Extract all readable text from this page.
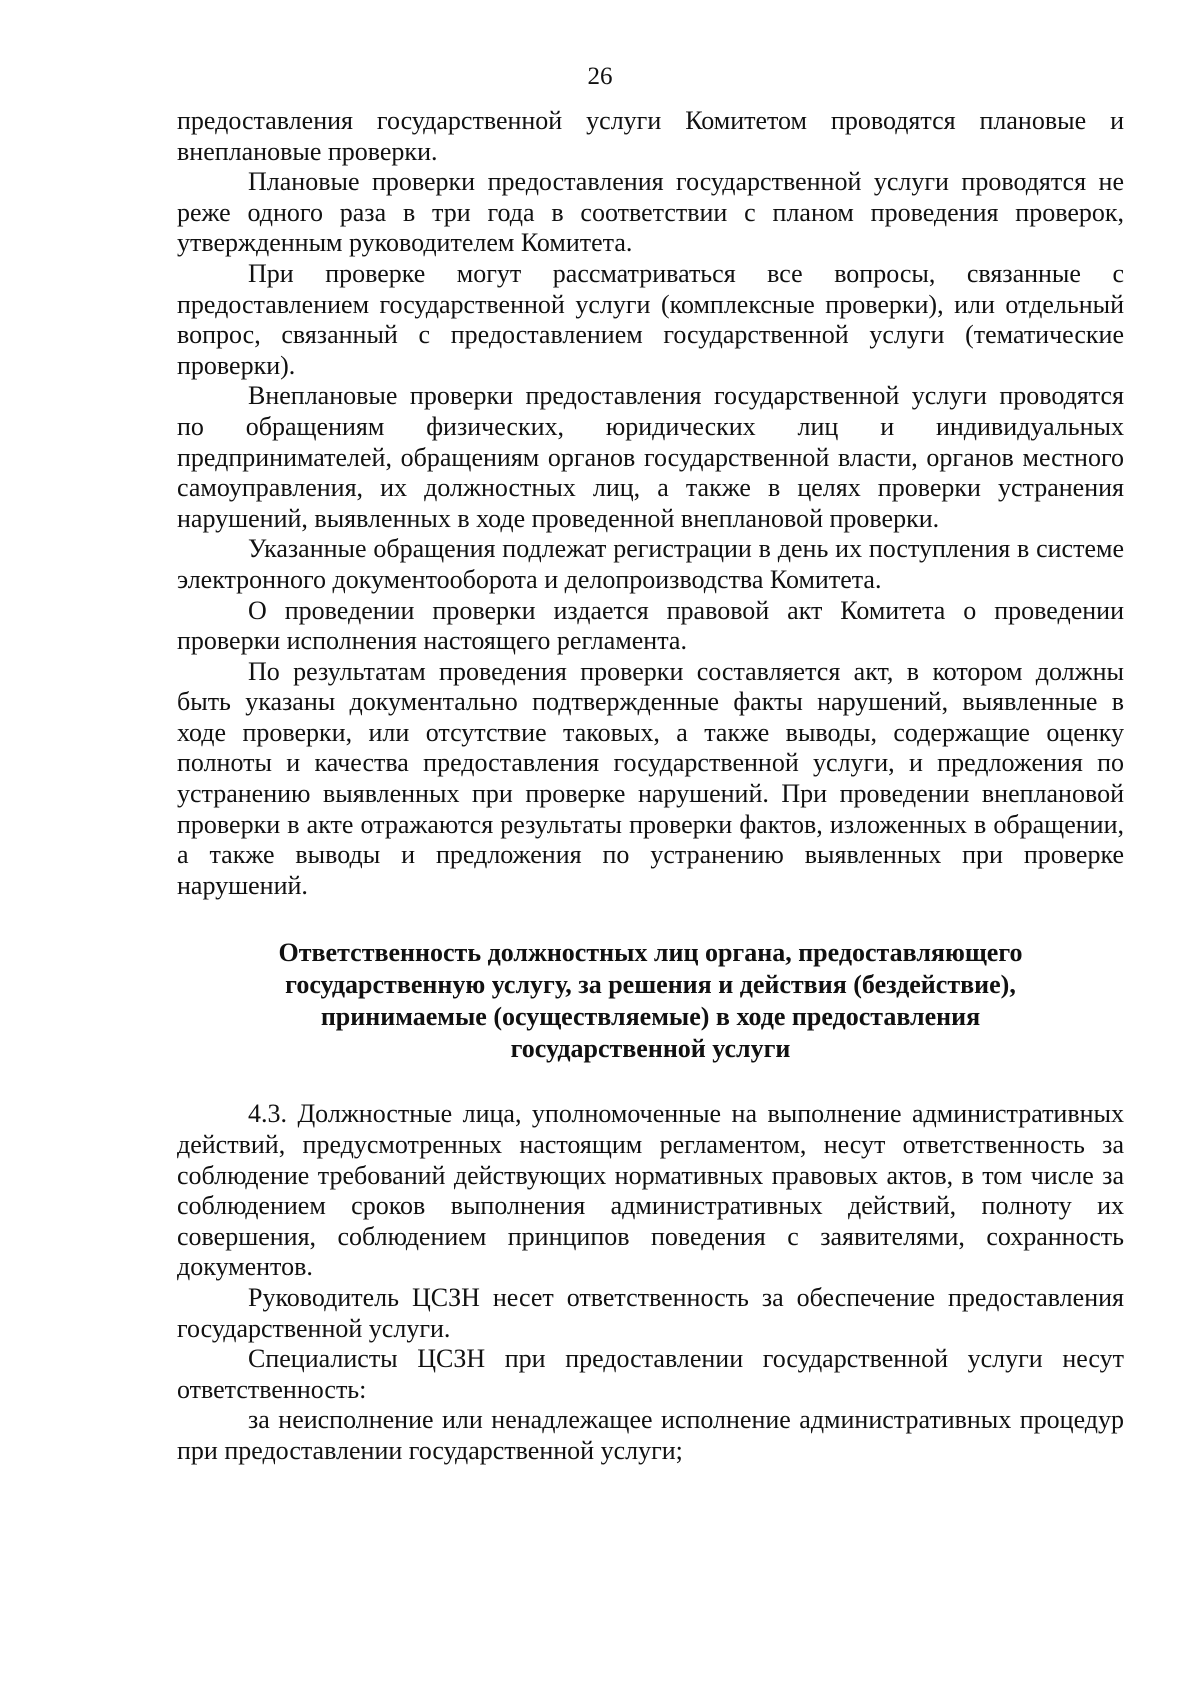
26

предоставления государственной услуги Комитетом проводятся плановые и внеплановые проверки.

Плановые проверки предоставления государственной услуги проводятся не реже одного раза в три года в соответствии с планом проведения проверок, утвержденным руководителем Комитета.

При проверке могут рассматриваться все вопросы, связанные с предоставлением государственной услуги (комплексные проверки), или отдельный вопрос, связанный с предоставлением государственной услуги (тематические проверки).

Внеплановые проверки предоставления государственной услуги проводятся по обращениям физических, юридических лиц и индивидуальных предпринимателей, обращениям органов государственной власти, органов местного самоуправления, их должностных лиц, а также в целях проверки устранения нарушений, выявленных в ходе проведенной внеплановой проверки.

Указанные обращения подлежат регистрации в день их поступления в системе электронного документооборота и делопроизводства Комитета.

О проведении проверки издается правовой акт Комитета о проведении проверки исполнения настоящего регламента.

По результатам проведения проверки составляется акт, в котором должны быть указаны документально подтвержденные факты нарушений, выявленные в ходе проверки, или отсутствие таковых, а также выводы, содержащие оценку полноты и качества предоставления государственной услуги, и предложения по устранению выявленных при проверке нарушений. При проведении внеплановой проверки в акте отражаются результаты проверки фактов, изложенных в обращении, а также выводы и предложения по устранению выявленных при проверке нарушений.

Ответственность должностных лиц органа, предоставляющего
государственную услугу, за решения и действия (бездействие),
принимаемые (осуществляемые) в ходе предоставления
государственной услуги

4.3. Должностные лица, уполномоченные на выполнение административных действий, предусмотренных настоящим регламентом, несут ответственность за соблюдение требований действующих нормативных правовых актов, в том числе за соблюдением сроков выполнения административных действий, полноту их совершения, соблюдением принципов поведения с заявителями, сохранность документов.

Руководитель ЦСЗН несет ответственность за обеспечение предоставления государственной услуги.

Специалисты ЦСЗН при предоставлении государственной услуги несут ответственность:

за неисполнение или ненадлежащее исполнение административных процедур при предоставлении государственной услуги;
